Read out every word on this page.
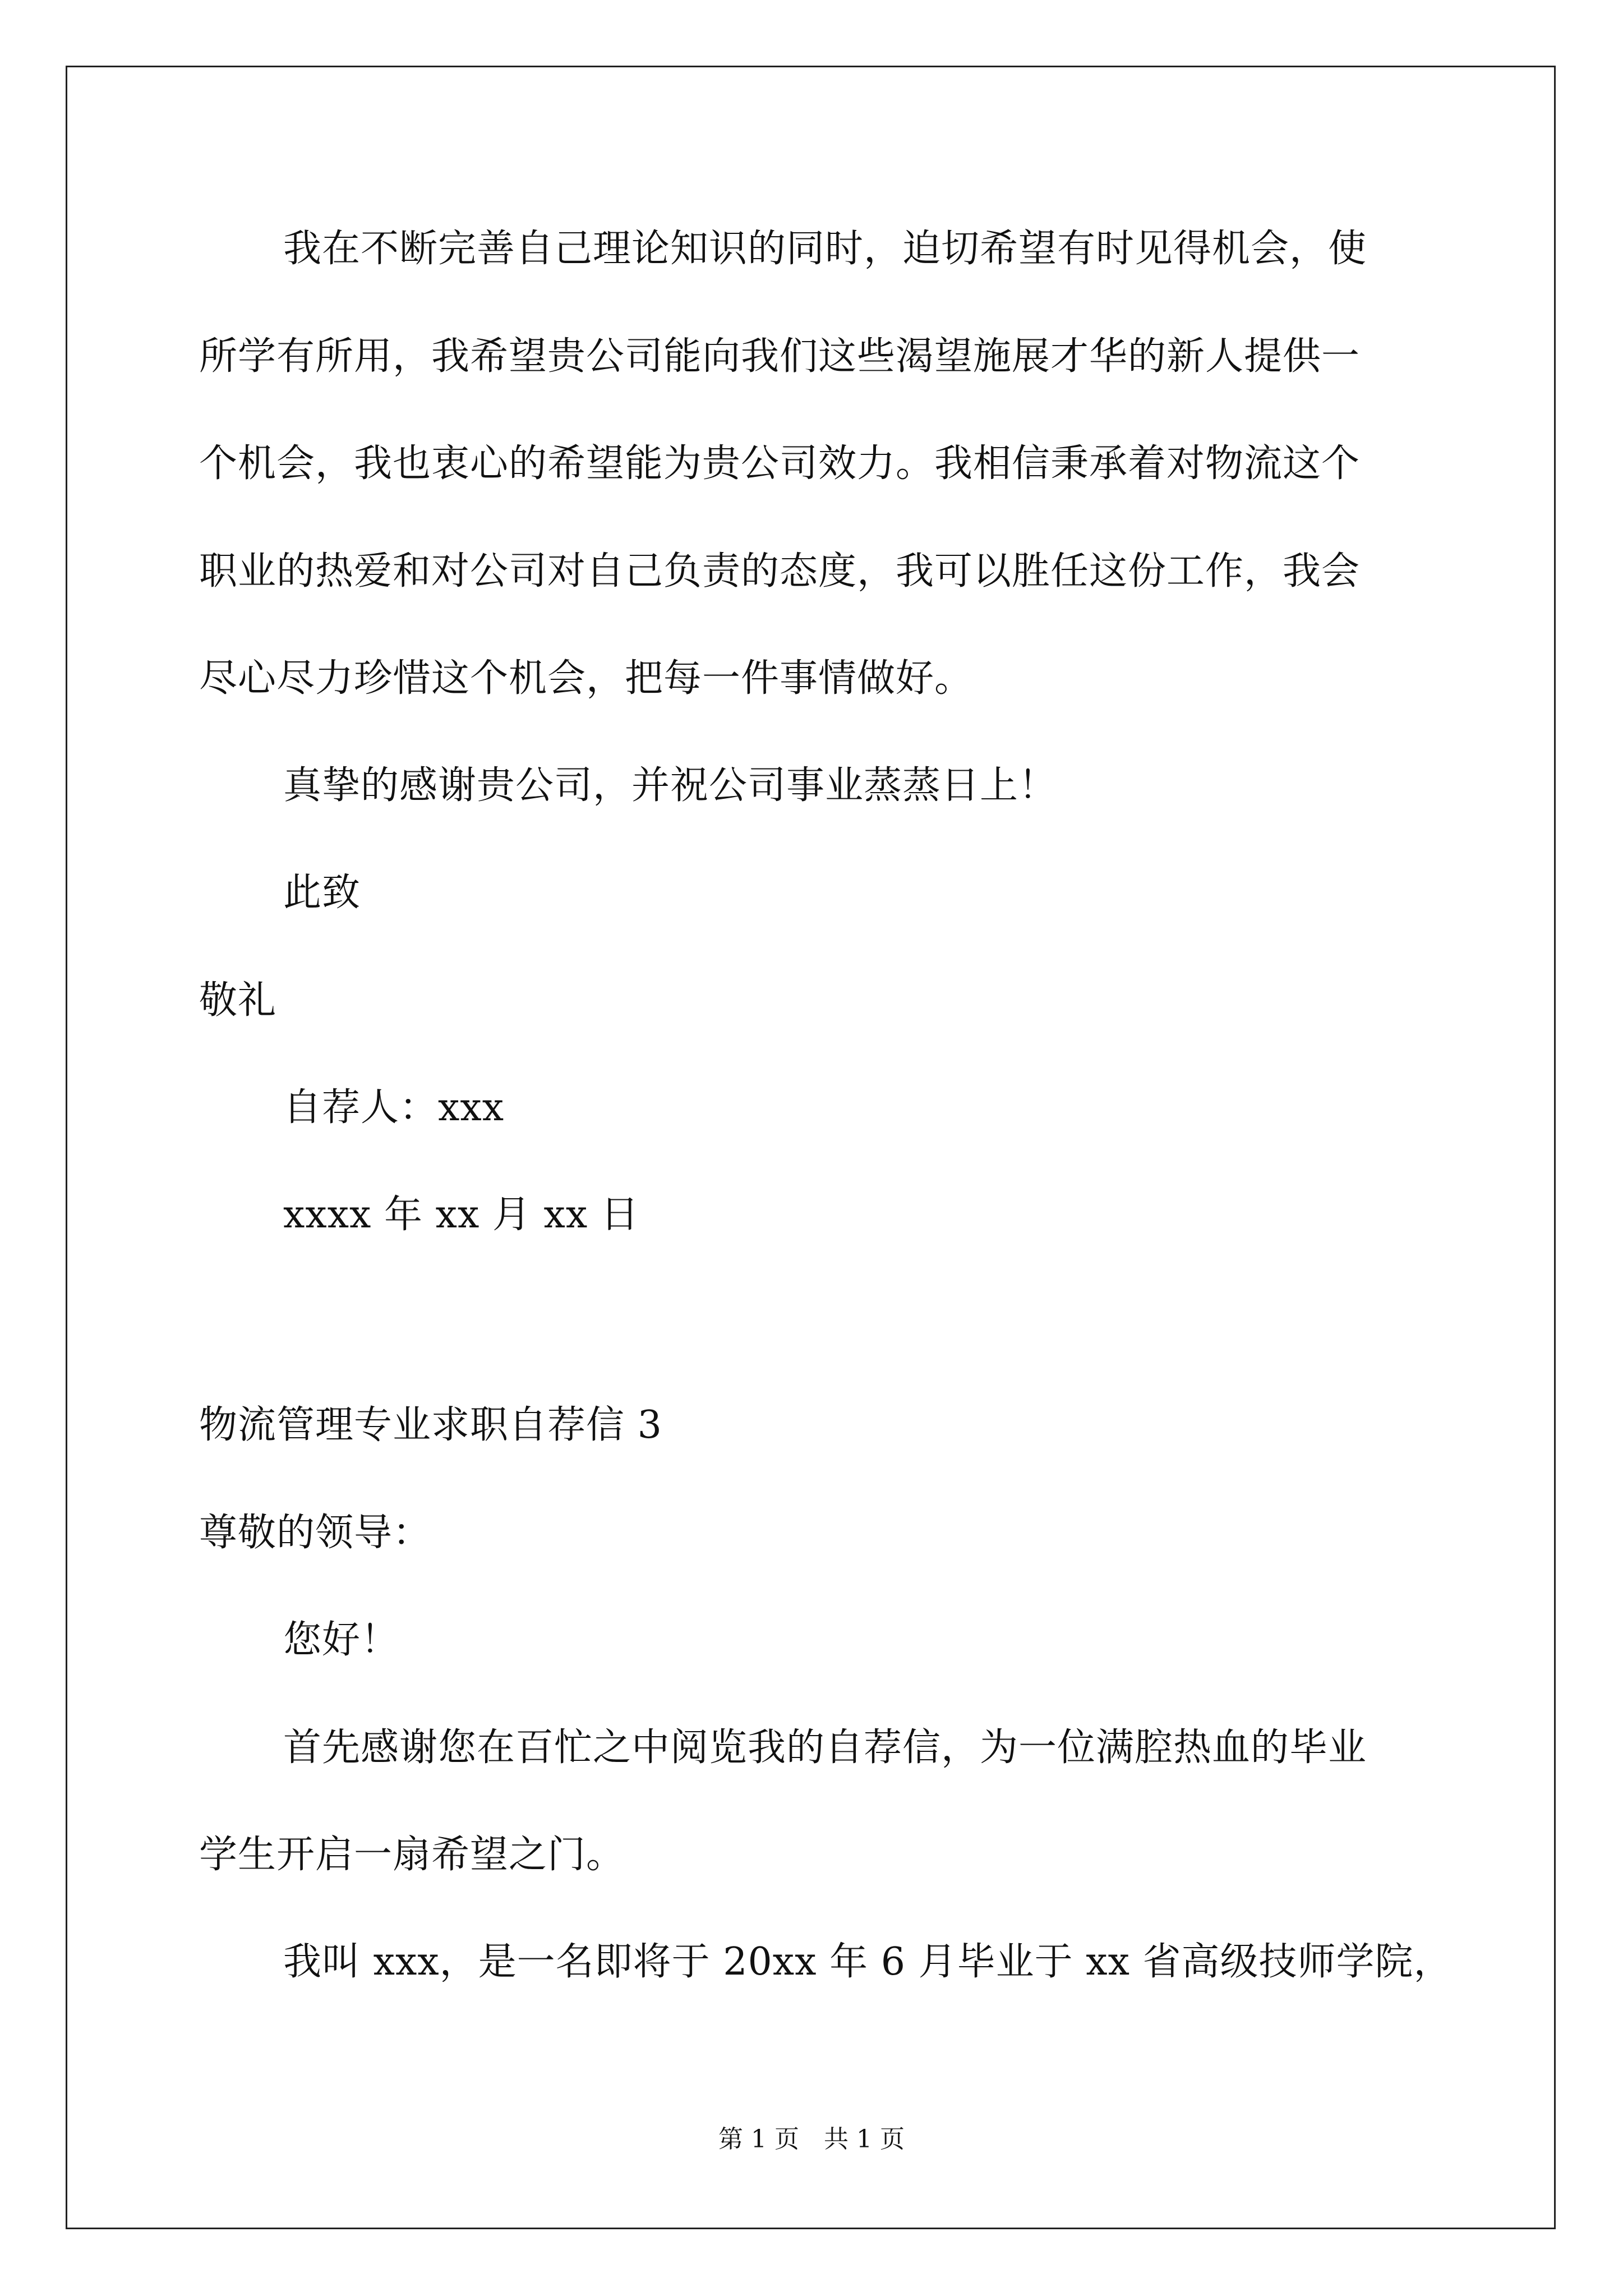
我在不断完善自己理论知识的同时，迫切希望有时见得机会，使

所学有所用，我希望贵公司能向我们这些渴望施展才华的新人提供一

个机会，我也衷心的希望能为贵公司效力。我相信秉承着对物流这个

职业的热爱和对公司对自己负责的态度，我可以胜任这份工作，我会

尽心尽力珍惜这个机会，把每一件事情做好。

真挚的感谢贵公司，并祝公司事业蒸蒸日上！

此致

敬礼

自荐人：xxx

xxxx 年 xx 月 xx 日

物流管理专业求职自荐信 3

尊敬的领导：

您好！

首先感谢您在百忙之中阅览我的自荐信，为一位满腔热血的毕业

学生开启一扇希望之门。

我叫 xxx，是一名即将于 20xx 年 6 月毕业于 xx 省高级技师学院，

第 1 页　共 1 页
